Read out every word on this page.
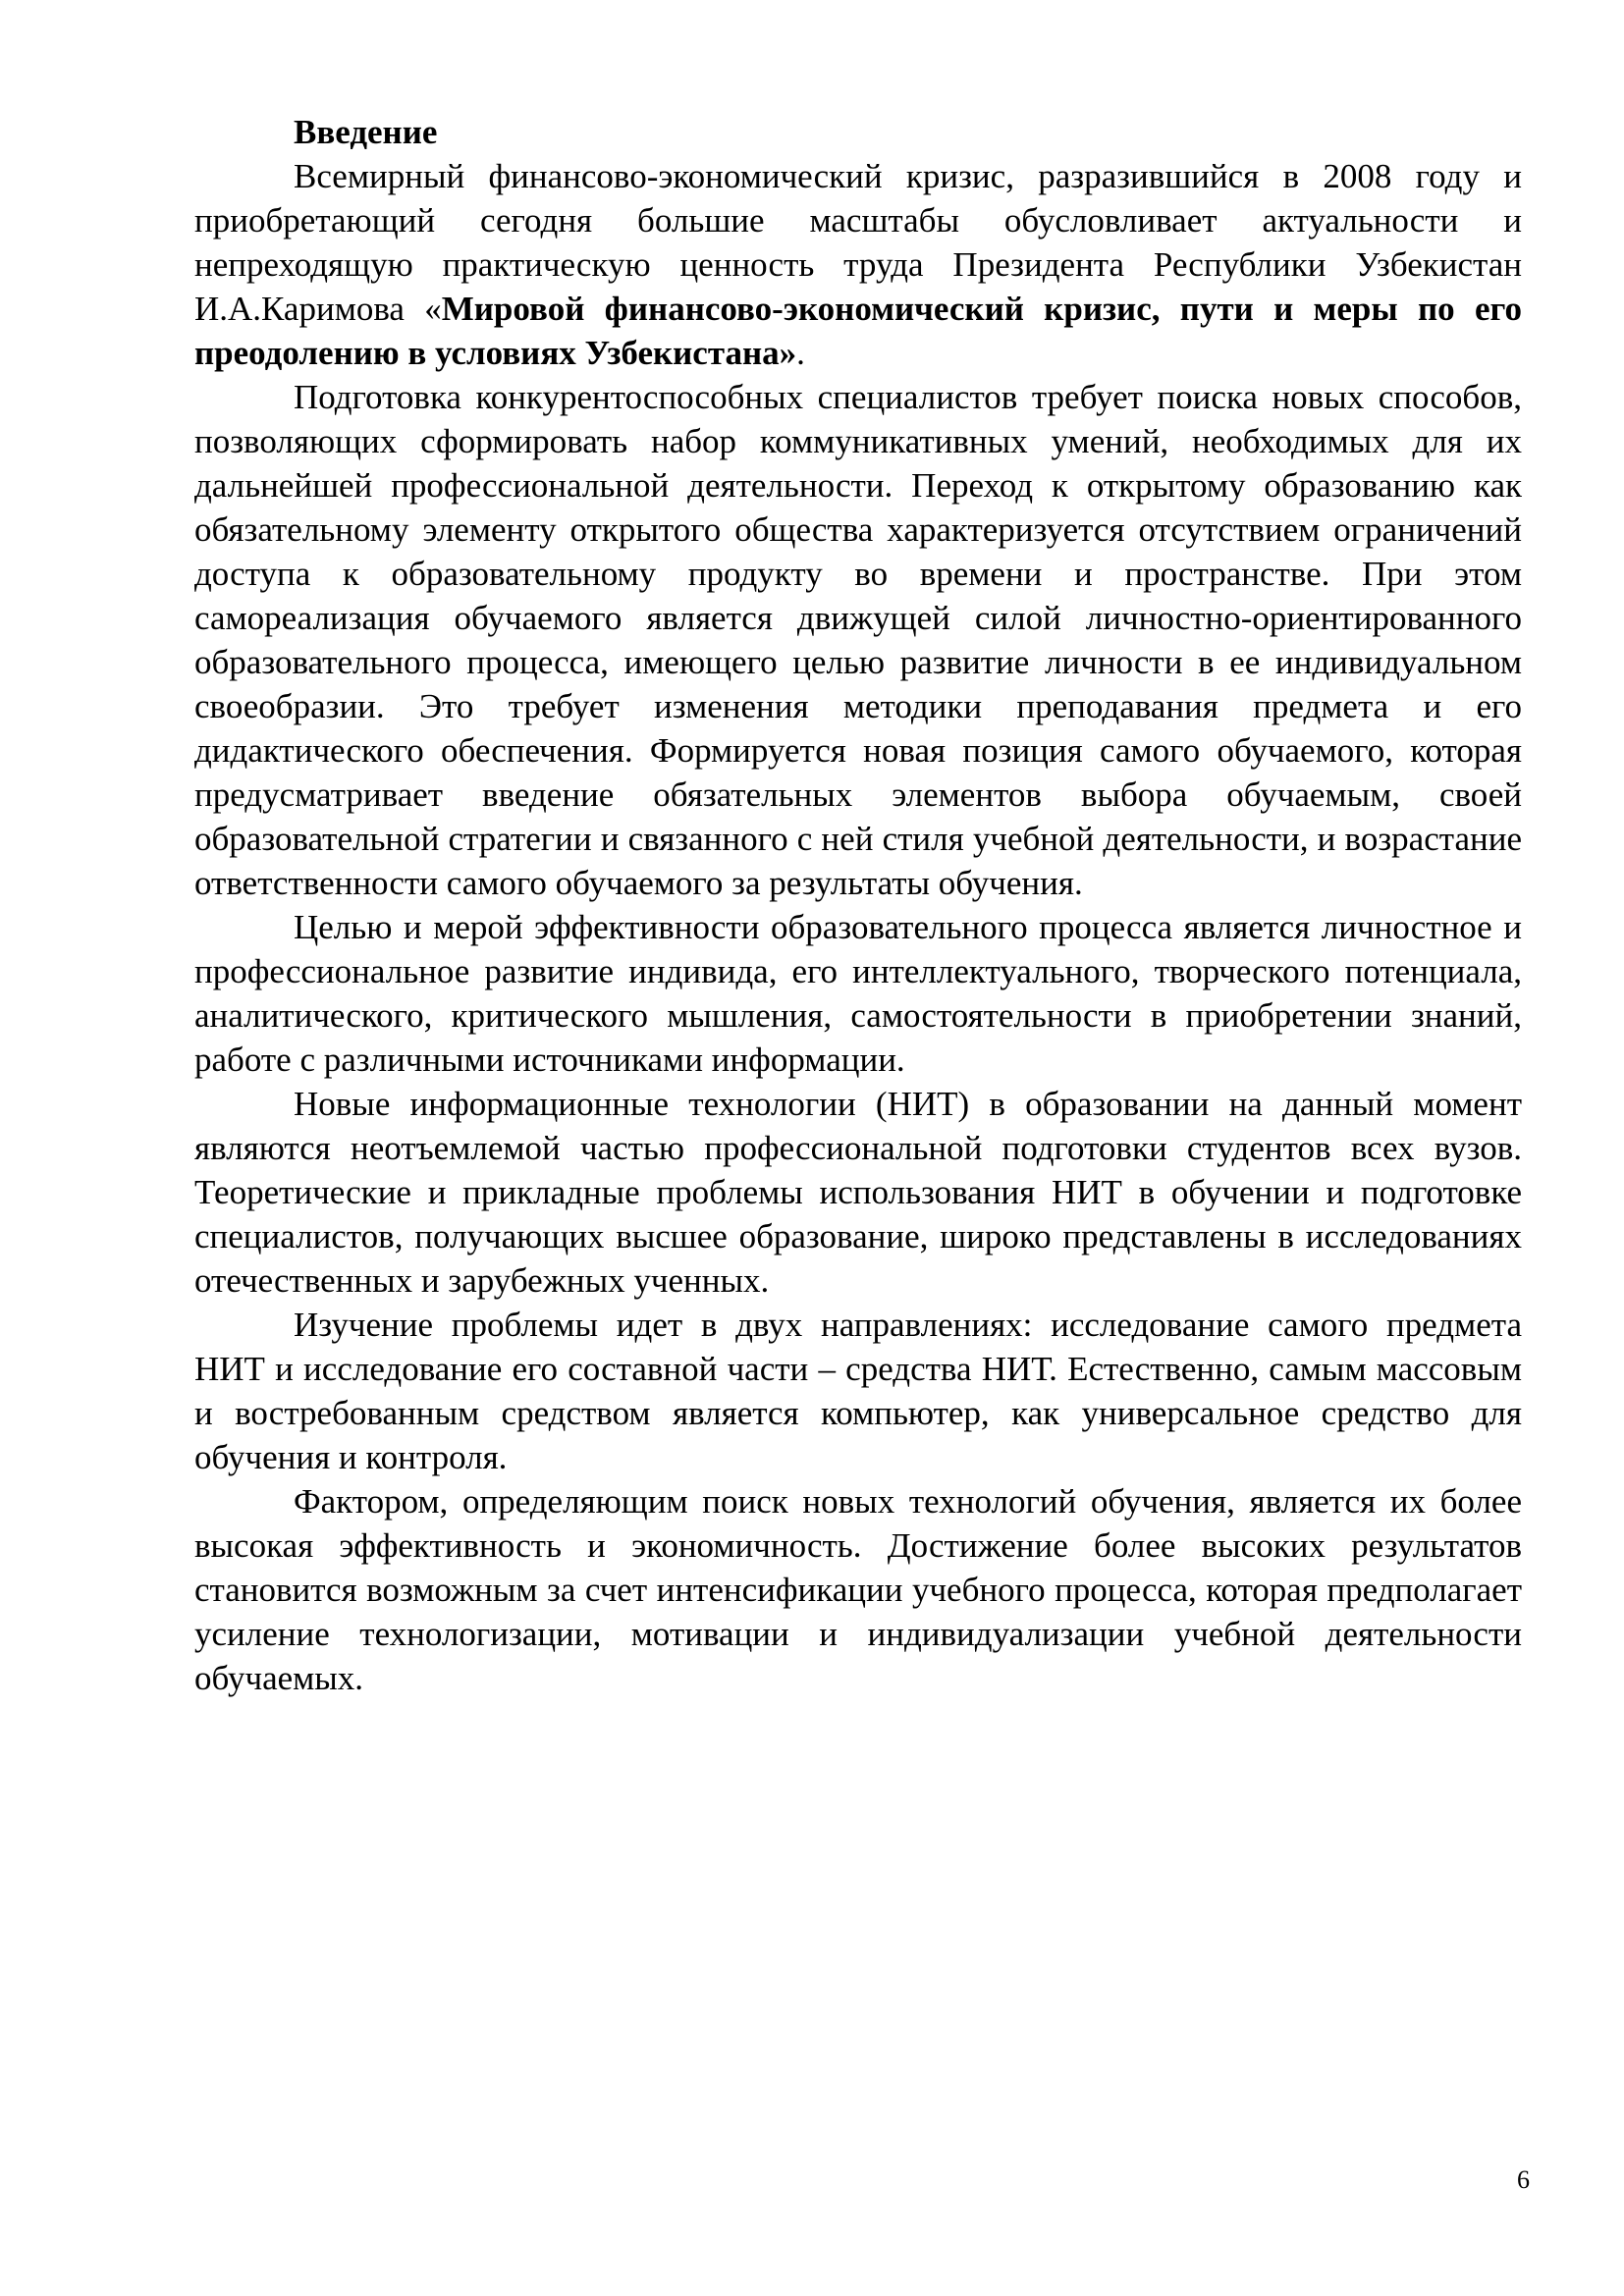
Введение

Всемирный финансово-экономический кризис, разразившийся в 2008 году и приобретающий сегодня большие масштабы обусловливает актуальности и непреходящую практическую ценность труда Президента Республики Узбекистан И.А.Каримова «Мировой финансово-экономический кризис, пути и меры по его преодолению в условиях Узбекистана».

Подготовка конкурентоспособных специалистов требует поиска новых способов, позволяющих сформировать набор коммуникативных умений, необходимых для их дальнейшей профессиональной деятельности. Переход к открытому образованию как обязательному элементу открытого общества характеризуется отсутствием ограничений доступа к образовательному продукту во времени и пространстве. При этом самореализация обучаемого является движущей силой личностно-ориентированного образовательного процесса, имеющего целью развитие личности в ее индивидуальном своеобразии. Это требует изменения методики преподавания предмета и его дидактического обеспечения. Формируется новая позиция самого обучаемого, которая предусматривает введение обязательных элементов выбора обучаемым, своей образовательной стратегии и связанного с ней стиля учебной деятельности, и возрастание ответственности самого обучаемого за результаты обучения.

Целью и мерой эффективности образовательного процесса является личностное и профессиональное развитие индивида, его интеллектуального, творческого потенциала, аналитического, критического мышления, самостоятельности в приобретении знаний, работе с различными источниками информации.

Новые информационные технологии (НИТ) в образовании на данный момент являются неотъемлемой частью профессиональной подготовки студентов всех вузов. Теоретические и прикладные проблемы использования НИТ в обучении и подготовке специалистов, получающих высшее образование, широко представлены в исследованиях отечественных и зарубежных ученных.

Изучение проблемы идет в двух направлениях: исследование самого предмета НИТ и исследование его составной части – средства НИТ. Естественно, самым массовым и востребованным средством является компьютер, как универсальное средство для обучения и контроля.

Фактором, определяющим поиск новых технологий обучения, является их более высокая эффективность и экономичность. Достижение более высоких результатов становится возможным за счет интенсификации учебного процесса, которая предполагает усиление технологизации, мотивации и индивидуализации учебной деятельности обучаемых.

6
